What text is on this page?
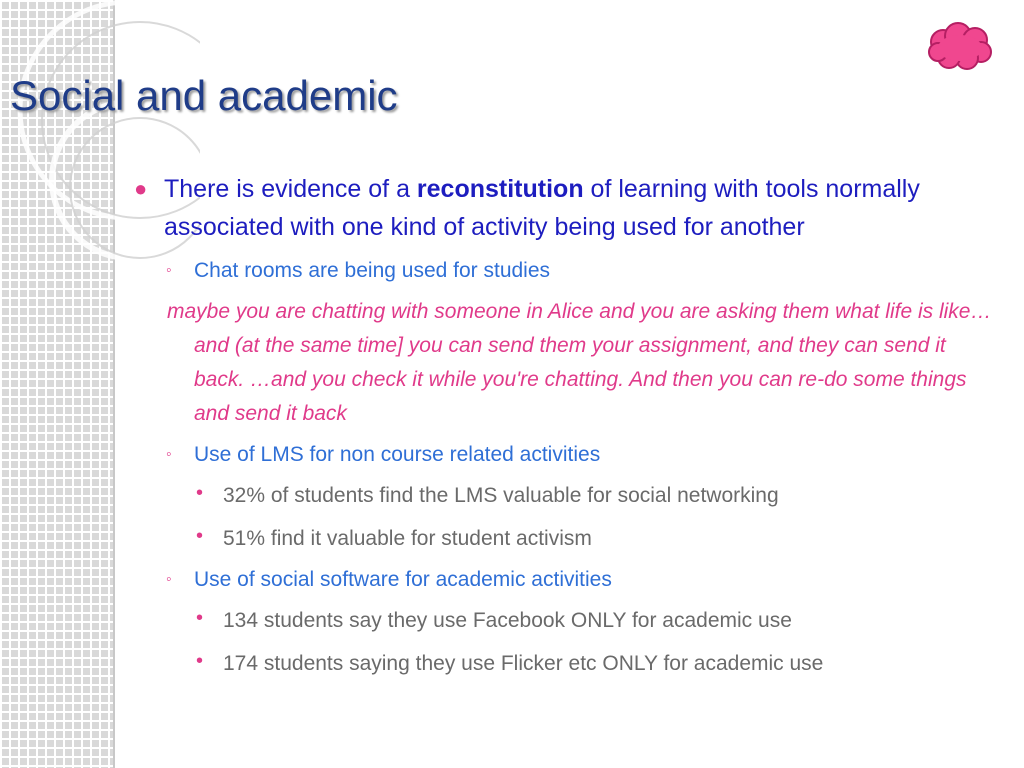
Social and academic

● There is evidence of a reconstitution of learning with tools normally associated with one kind of activity being used for another

◦ Chat rooms are being used for studies

maybe you are chatting with someone in Alice and you are asking them what life is like…and (at the same time] you can send them your assignment, and they can send it back. …and you check it while you're chatting. And then you can re-do some things and send it back

◦ Use of LMS for non course related activities

• 32% of students find the LMS valuable for social networking

• 51% find it valuable for student activism

◦ Use of social software for academic activities

• 134 students say they use Facebook ONLY for academic use

• 174 students saying they use Flicker etc ONLY for academic use
